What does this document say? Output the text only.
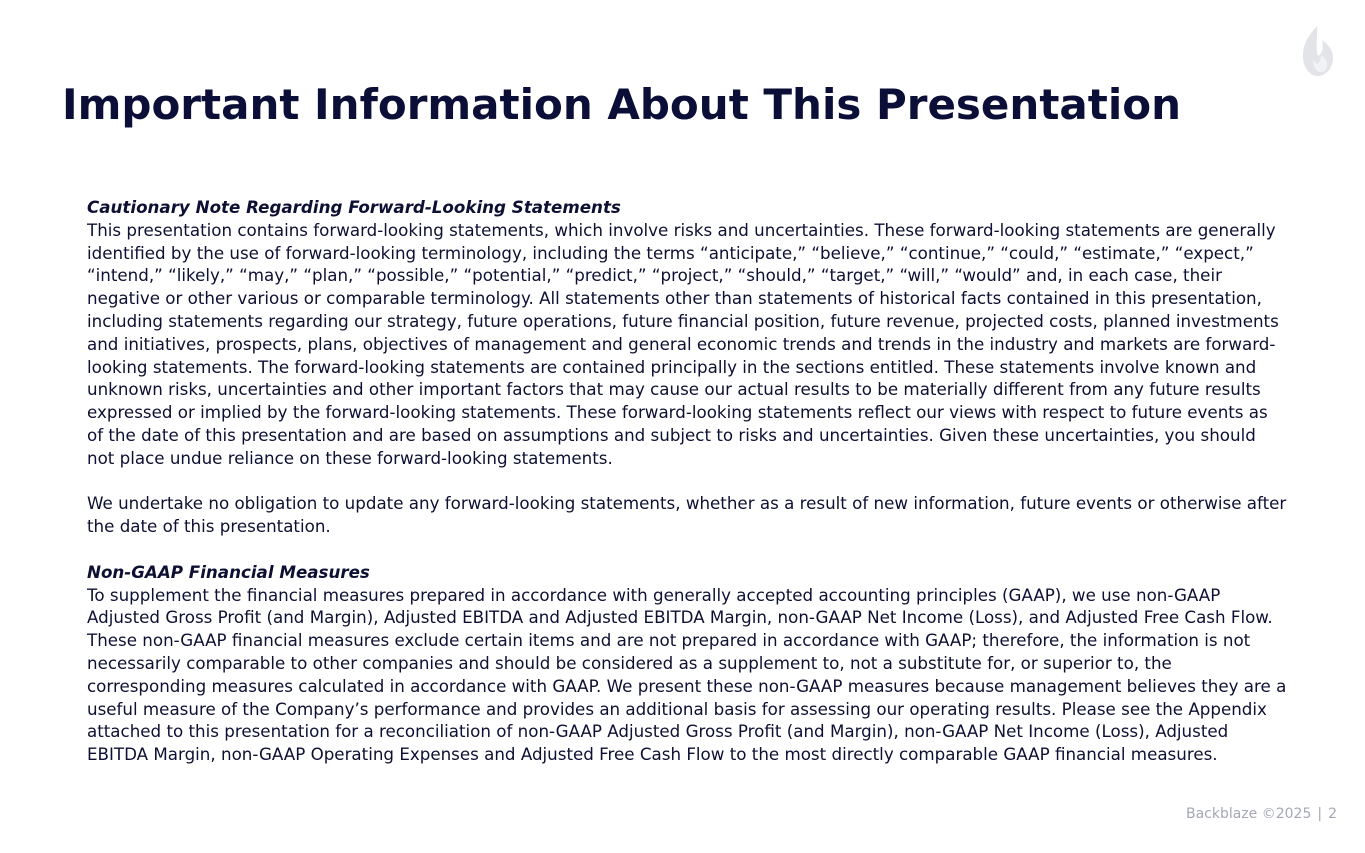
Important Information About This Presentation

Cautionary Note Regarding Forward-Looking Statements

This presentation contains forward-looking statements, which involve risks and uncertainties. These forward-looking statements are generally identified by the use of forward-looking terminology, including the terms “anticipate,” “believe,” “continue,” “could,” “estimate,” “expect,” “intend,” “likely,” “may,” “plan,” “possible,” “potential,” “predict,” “project,” “should,” “target,” “will,” “would” and, in each case, their negative or other various or comparable terminology. All statements other than statements of historical facts contained in this presentation, including statements regarding our strategy, future operations, future financial position, future revenue, projected costs, planned investments and initiatives, prospects, plans, objectives of management and general economic trends and trends in the industry and markets are forward-looking statements. The forward-looking statements are contained principally in the sections entitled. These statements involve known and unknown risks, uncertainties and other important factors that may cause our actual results to be materially different from any future results expressed or implied by the forward-looking statements. These forward-looking statements reflect our views with respect to future events as of the date of this presentation and are based on assumptions and subject to risks and uncertainties. Given these uncertainties, you should not place undue reliance on these forward-looking statements.

We undertake no obligation to update any forward-looking statements, whether as a result of new information, future events or otherwise after the date of this presentation.

Non-GAAP Financial Measures

To supplement the financial measures prepared in accordance with generally accepted accounting principles (GAAP), we use non-GAAP Adjusted Gross Profit (and Margin), Adjusted EBITDA and Adjusted EBITDA Margin, non-GAAP Net Income (Loss), and Adjusted Free Cash Flow. These non-GAAP financial measures exclude certain items and are not prepared in accordance with GAAP; therefore, the information is not necessarily comparable to other companies and should be considered as a supplement to, not a substitute for, or superior to, the corresponding measures calculated in accordance with GAAP. We present these non-GAAP measures because management believes they are a useful measure of the Company’s performance and provides an additional basis for assessing our operating results. Please see the Appendix attached to this presentation for a reconciliation of non-GAAP Adjusted Gross Profit (and Margin), non-GAAP Net Income (Loss), Adjusted EBITDA Margin, non-GAAP Operating Expenses and Adjusted Free Cash Flow to the most directly comparable GAAP financial measures.

Backblaze ©2025 | 2
